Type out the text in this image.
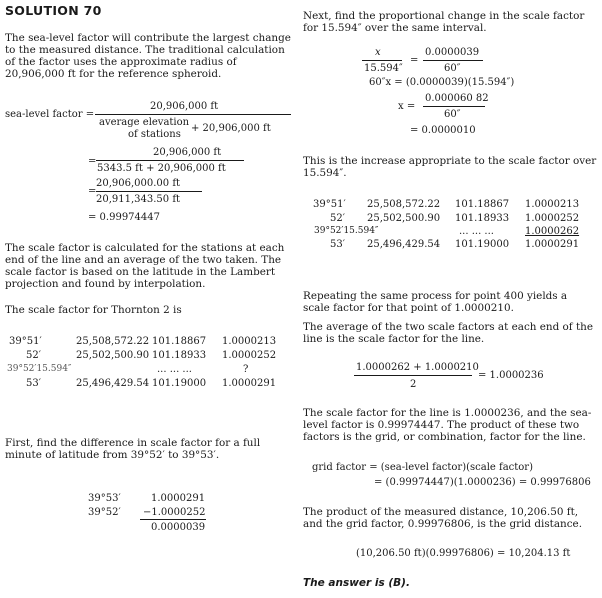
SOLUTION 70
The sea-level factor will contribute the largest change to the measured distance. The traditional calculation of the factor uses the approximate radius of 20,906,000 ft for the reference spheroid.
sea-level factor =
20,906,000 ft
average elevation
of stations
+ 20,906,000 ft
=
20,906,000 ft
5343.5 ft + 20,906,000 ft
=
20,906,000.00 ft
20,911,343.50 ft
= 0.99974447
The scale factor is calculated for the stations at each end of the line and an average of the two taken. The scale factor is based on the latitude in the Lambert projection and found by interpolation.
The scale factor for Thornton 2 is
39°51′	25,508,572.22 101.18867 1.0000213
52′	25,502,500.90 101.18933 1.0000252
39°52′15.594″	... ... ...	?
53′	25,496,429.54 101.19000 1.0000291
First, find the difference in scale factor for a full minute of latitude from 39°52′ to 39°53′.
39°53′	1.0000291
39°52′ −1.0000252
0.0000039
Next, find the proportional change in the scale factor for 15.594″ over the same interval.
x
15.594″
=
0.0000039
60″
60″x = (0.0000039)(15.594″)
x =
0.000060 82
60″
= 0.0000010
This is the increase appropriate to the scale factor over 15.594″.
39°51′ 25,508,572.22 101.18867 1.0000213
52′ 25,502,500.90 101.18933 1.0000252
39°52′15.594″	... ... ...	1.0000262
53′ 25,496,429.54 101.19000 1.0000291
Repeating the same process for point 400 yields a scale factor for that point of 1.0000210.
The average of the two scale factors at each end of the line is the scale factor for the line.
1.0000262 + 1.0000210
2
= 1.0000236
The scale factor for the line is 1.0000236, and the sea-level factor is 0.99974447. The product of these two factors is the grid, or combination, factor for the line.
grid factor = (sea-level factor)(scale factor)
= (0.99974447)(1.0000236) = 0.99976806
The product of the measured distance, 10,206.50 ft, and the grid factor, 0.99976806, is the grid distance.
(10,206.50 ft)(0.99976806) = 10,204.13 ft
The answer is (B).
